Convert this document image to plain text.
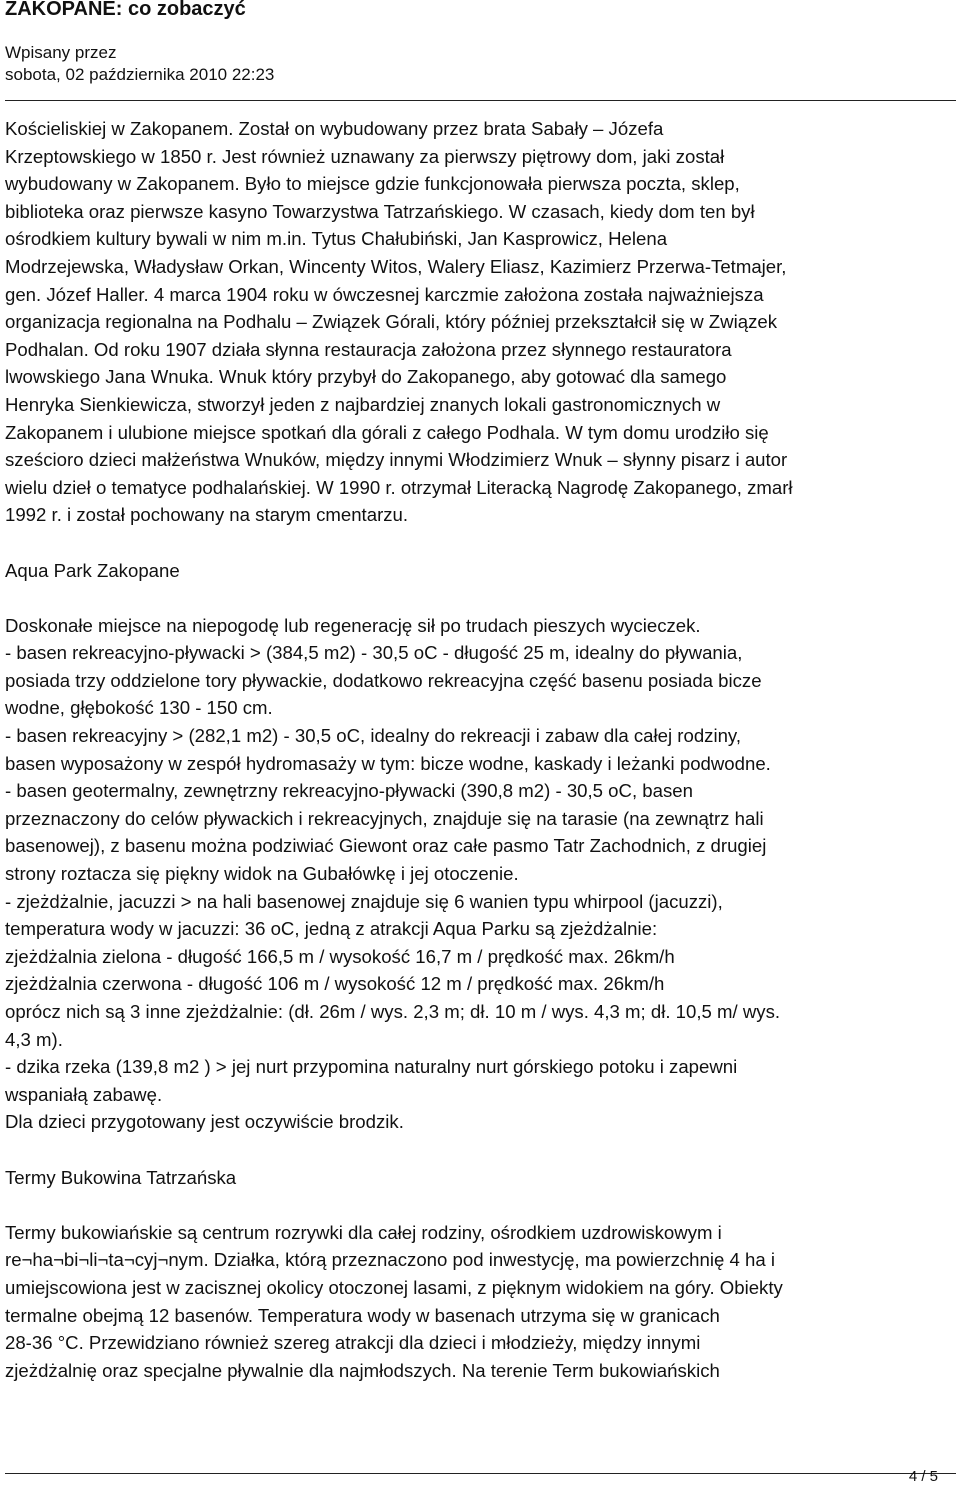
ZAKOPANE: co zobaczyć
Wpisany przez
sobota, 02 października 2010 22:23

Kościeliskiej w Zakopanem. Został on wybudowany przez brata Sabały – Józefa

Krzeptowskiego w 1850 r. Jest również uznawany za pierwszy piętrowy dom, jaki został

wybudowany w Zakopanem. Było to miejsce gdzie funkcjonowała pierwsza poczta, sklep,

biblioteka oraz pierwsze kasyno Towarzystwa Tatrzańskiego. W czasach, kiedy dom ten był

ośrodkiem kultury bywali w nim m.in. Tytus Chałubiński, Jan Kasprowicz, Helena

Modrzejewska, Władysław Orkan, Wincenty Witos, Walery Eliasz, Kazimierz Przerwa-Tetmajer,

gen. Józef Haller. 4 marca 1904 roku w ówczesnej karczmie założona została najważniejsza

organizacja regionalna na Podhalu – Związek Górali, który później przekształcił się w Związek

Podhalan. Od roku 1907 działa słynna restauracja założona przez słynnego restauratora

lwowskiego Jana Wnuka. Wnuk który przybył do Zakopanego, aby gotować dla samego

Henryka Sienkiewicza, stworzył jeden z najbardziej znanych lokali gastronomicznych w

Zakopanem i ulubione miejsce spotkań dla górali z całego Podhala. W tym domu urodziło się

sześcioro dzieci małżeństwa Wnuków, między innymi Włodzimierz Wnuk – słynny pisarz i autor

wielu dzieł o tematyce podhalańskiej. W 1990 r. otrzymał Literacką Nagrodę Zakopanego, zmarł

1992 r. i został pochowany na starym cmentarzu.

Aqua Park Zakopane

Doskonałe miejsce na niepogodę lub regenerację sił po trudach pieszych wycieczek.

- basen rekreacyjno-pływacki > (384,5 m2) - 30,5 oC - długość 25 m, idealny do pływania,

posiada trzy oddzielone tory pływackie, dodatkowo rekreacyjna część basenu posiada bicze

wodne, głębokość 130 - 150 cm.

- basen rekreacyjny > (282,1 m2) - 30,5 oC, idealny do rekreacji i zabaw dla całej rodziny,

basen wyposażony w zespół hydromasaży w tym: bicze wodne, kaskady i leżanki podwodne.

- basen geotermalny, zewnętrzny rekreacyjno-pływacki (390,8 m2) - 30,5 oC, basen

przeznaczony do celów pływackich i rekreacyjnych, znajduje się na tarasie (na zewnątrz hali

basenowej), z basenu można podziwiać Giewont oraz całe pasmo Tatr Zachodnich, z drugiej

strony roztacza się piękny widok na Gubałówkę i jej otoczenie.

- zjeżdżalnie, jacuzzi > na hali basenowej znajduje się 6 wanien typu whirpool (jacuzzi),

temperatura wody w jacuzzi: 36 oC, jedną z atrakcji Aqua Parku są zjeżdżalnie:

zjeżdżalnia zielona - długość 166,5 m / wysokość 16,7 m / prędkość max. 26km/h

zjeżdżalnia czerwona - długość 106 m / wysokość 12 m / prędkość max. 26km/h

oprócz nich są 3 inne zjeżdżalnie: (dł. 26m / wys. 2,3 m; dł. 10 m / wys. 4,3 m; dł. 10,5 m/ wys.

4,3 m).

- dzika rzeka (139,8 m2 ) > jej nurt przypomina naturalny nurt górskiego potoku i zapewni

wspaniałą zabawę.

Dla dzieci przygotowany jest oczywiście brodzik.

Termy Bukowina Tatrzańska

Termy bukowiańskie są centrum rozrywki dla całej rodziny, ośrodkiem uzdrowiskowym i

re¬ha¬bi¬li¬ta¬cyj¬nym. Działka, którą przeznaczono pod inwestycję, ma powierzchnię 4 ha i

umiejscowiona jest w zacisznej okolicy otoczonej lasami, z pięknym widokiem na góry. Obiekty

termalne obejmą 12 basenów. Temperatura wody w basenach utrzyma się w granicach

28-36 °C. Przewidziano również szereg atrakcji dla dzieci i młodzieży, między innymi

zjeżdżalnię oraz specjalne pływalnie dla najmłodszych. Na terenie Term bukowiańskich

4 / 5
